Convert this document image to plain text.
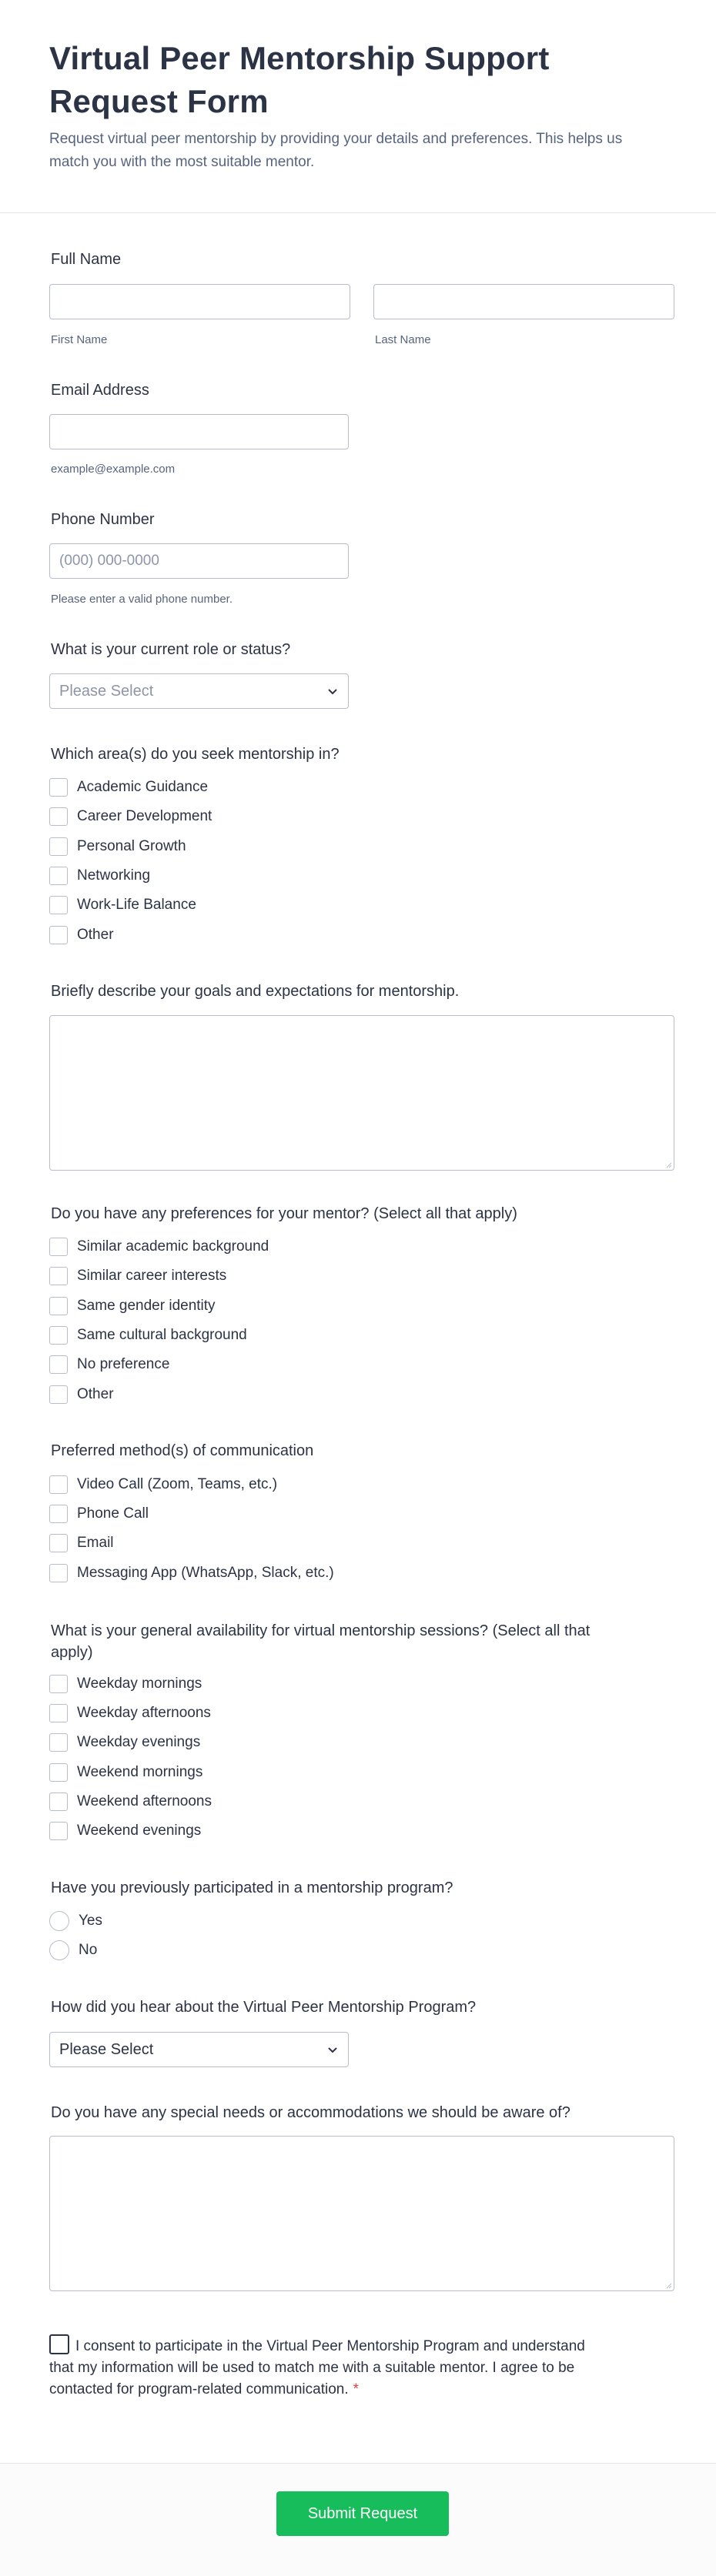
Virtual Peer Mentorship Support Request Form

Request virtual peer mentorship by providing your details and preferences. This helps us match you with the most suitable mentor.

Full Name
First Name	Last Name
Email Address
example@example.com
Phone Number
(000) 000-0000
Please enter a valid phone number.
What is your current role or status?
Please Select
Which area(s) do you seek mentorship in?
Academic Guidance
Career Development
Personal Growth
Networking
Work-Life Balance
Other
Briefly describe your goals and expectations for mentorship.
Do you have any preferences for your mentor? (Select all that apply)
Similar academic background
Similar career interests
Same gender identity
Same cultural background
No preference
Other
Preferred method(s) of communication
Video Call (Zoom, Teams, etc.)
Phone Call
Email
Messaging App (WhatsApp, Slack, etc.)
What is your general availability for virtual mentorship sessions? (Select all that apply)
Weekday mornings
Weekday afternoons
Weekday evenings
Weekend mornings
Weekend afternoons
Weekend evenings
Have you previously participated in a mentorship program?
Yes
No
How did you hear about the Virtual Peer Mentorship Program?
Please Select
Do you have any special needs or accommodations we should be aware of?
I consent to participate in the Virtual Peer Mentorship Program and understand that my information will be used to match me with a suitable mentor. I agree to be contacted for program-related communication. *
Submit Request
